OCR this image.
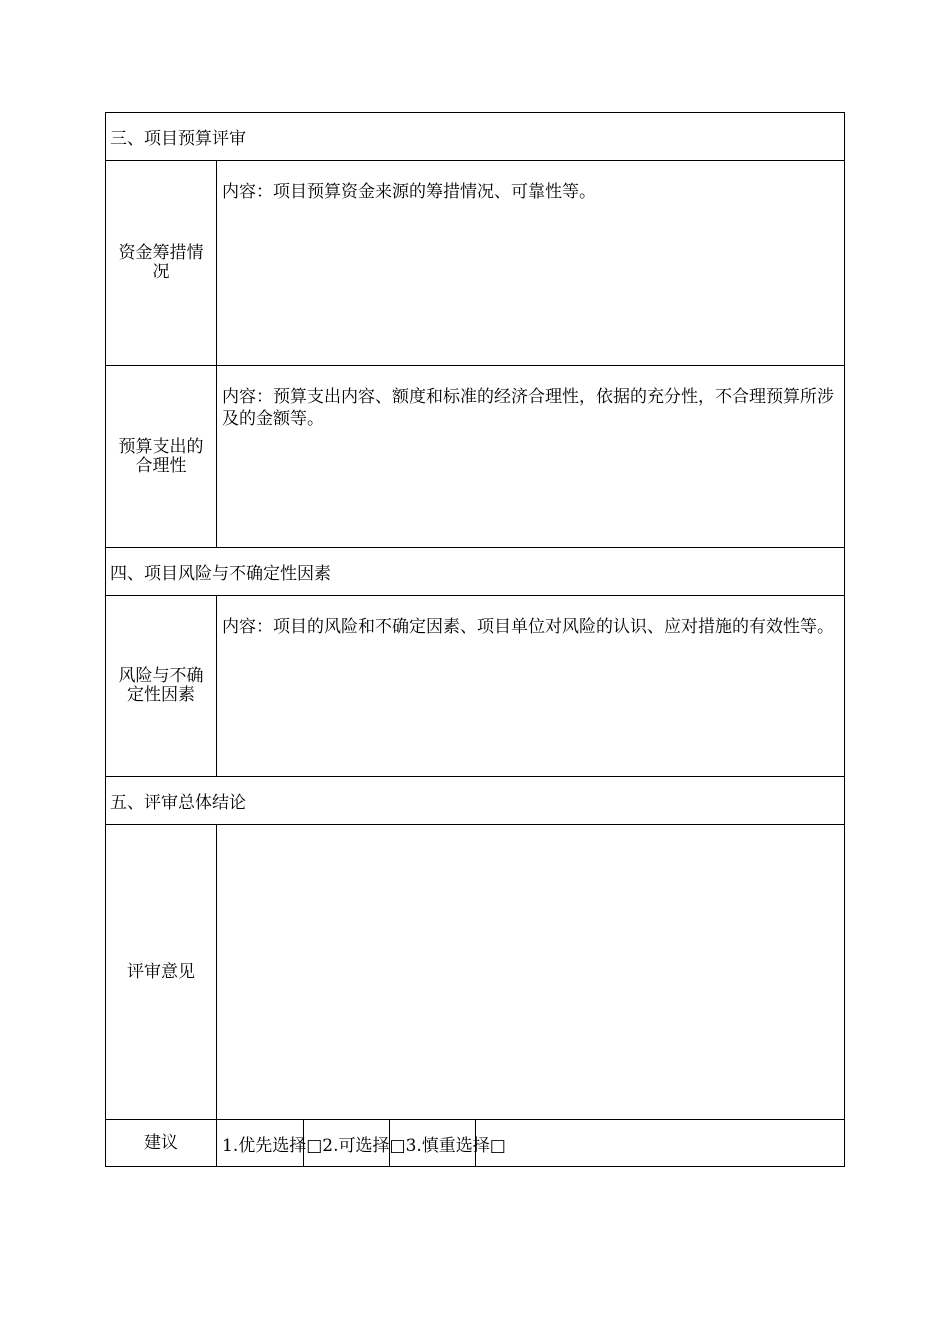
三、项目预算评审
资金筹措情况
内容：项目预算资金来源的筹措情况、可靠性等。
预算支出的合理性
内容：预算支出内容、额度和标准的经济合理性，依据的充分性，不合理预算所涉及的金额等。
四、项目风险与不确定性因素
风险与不确定性因素
内容：项目的风险和不确定因素、项目单位对风险的认识、应对措施的有效性等。
五、评审总体结论
评审意见
建议	1.优先选择□2.可选择□3.慎重选择□
